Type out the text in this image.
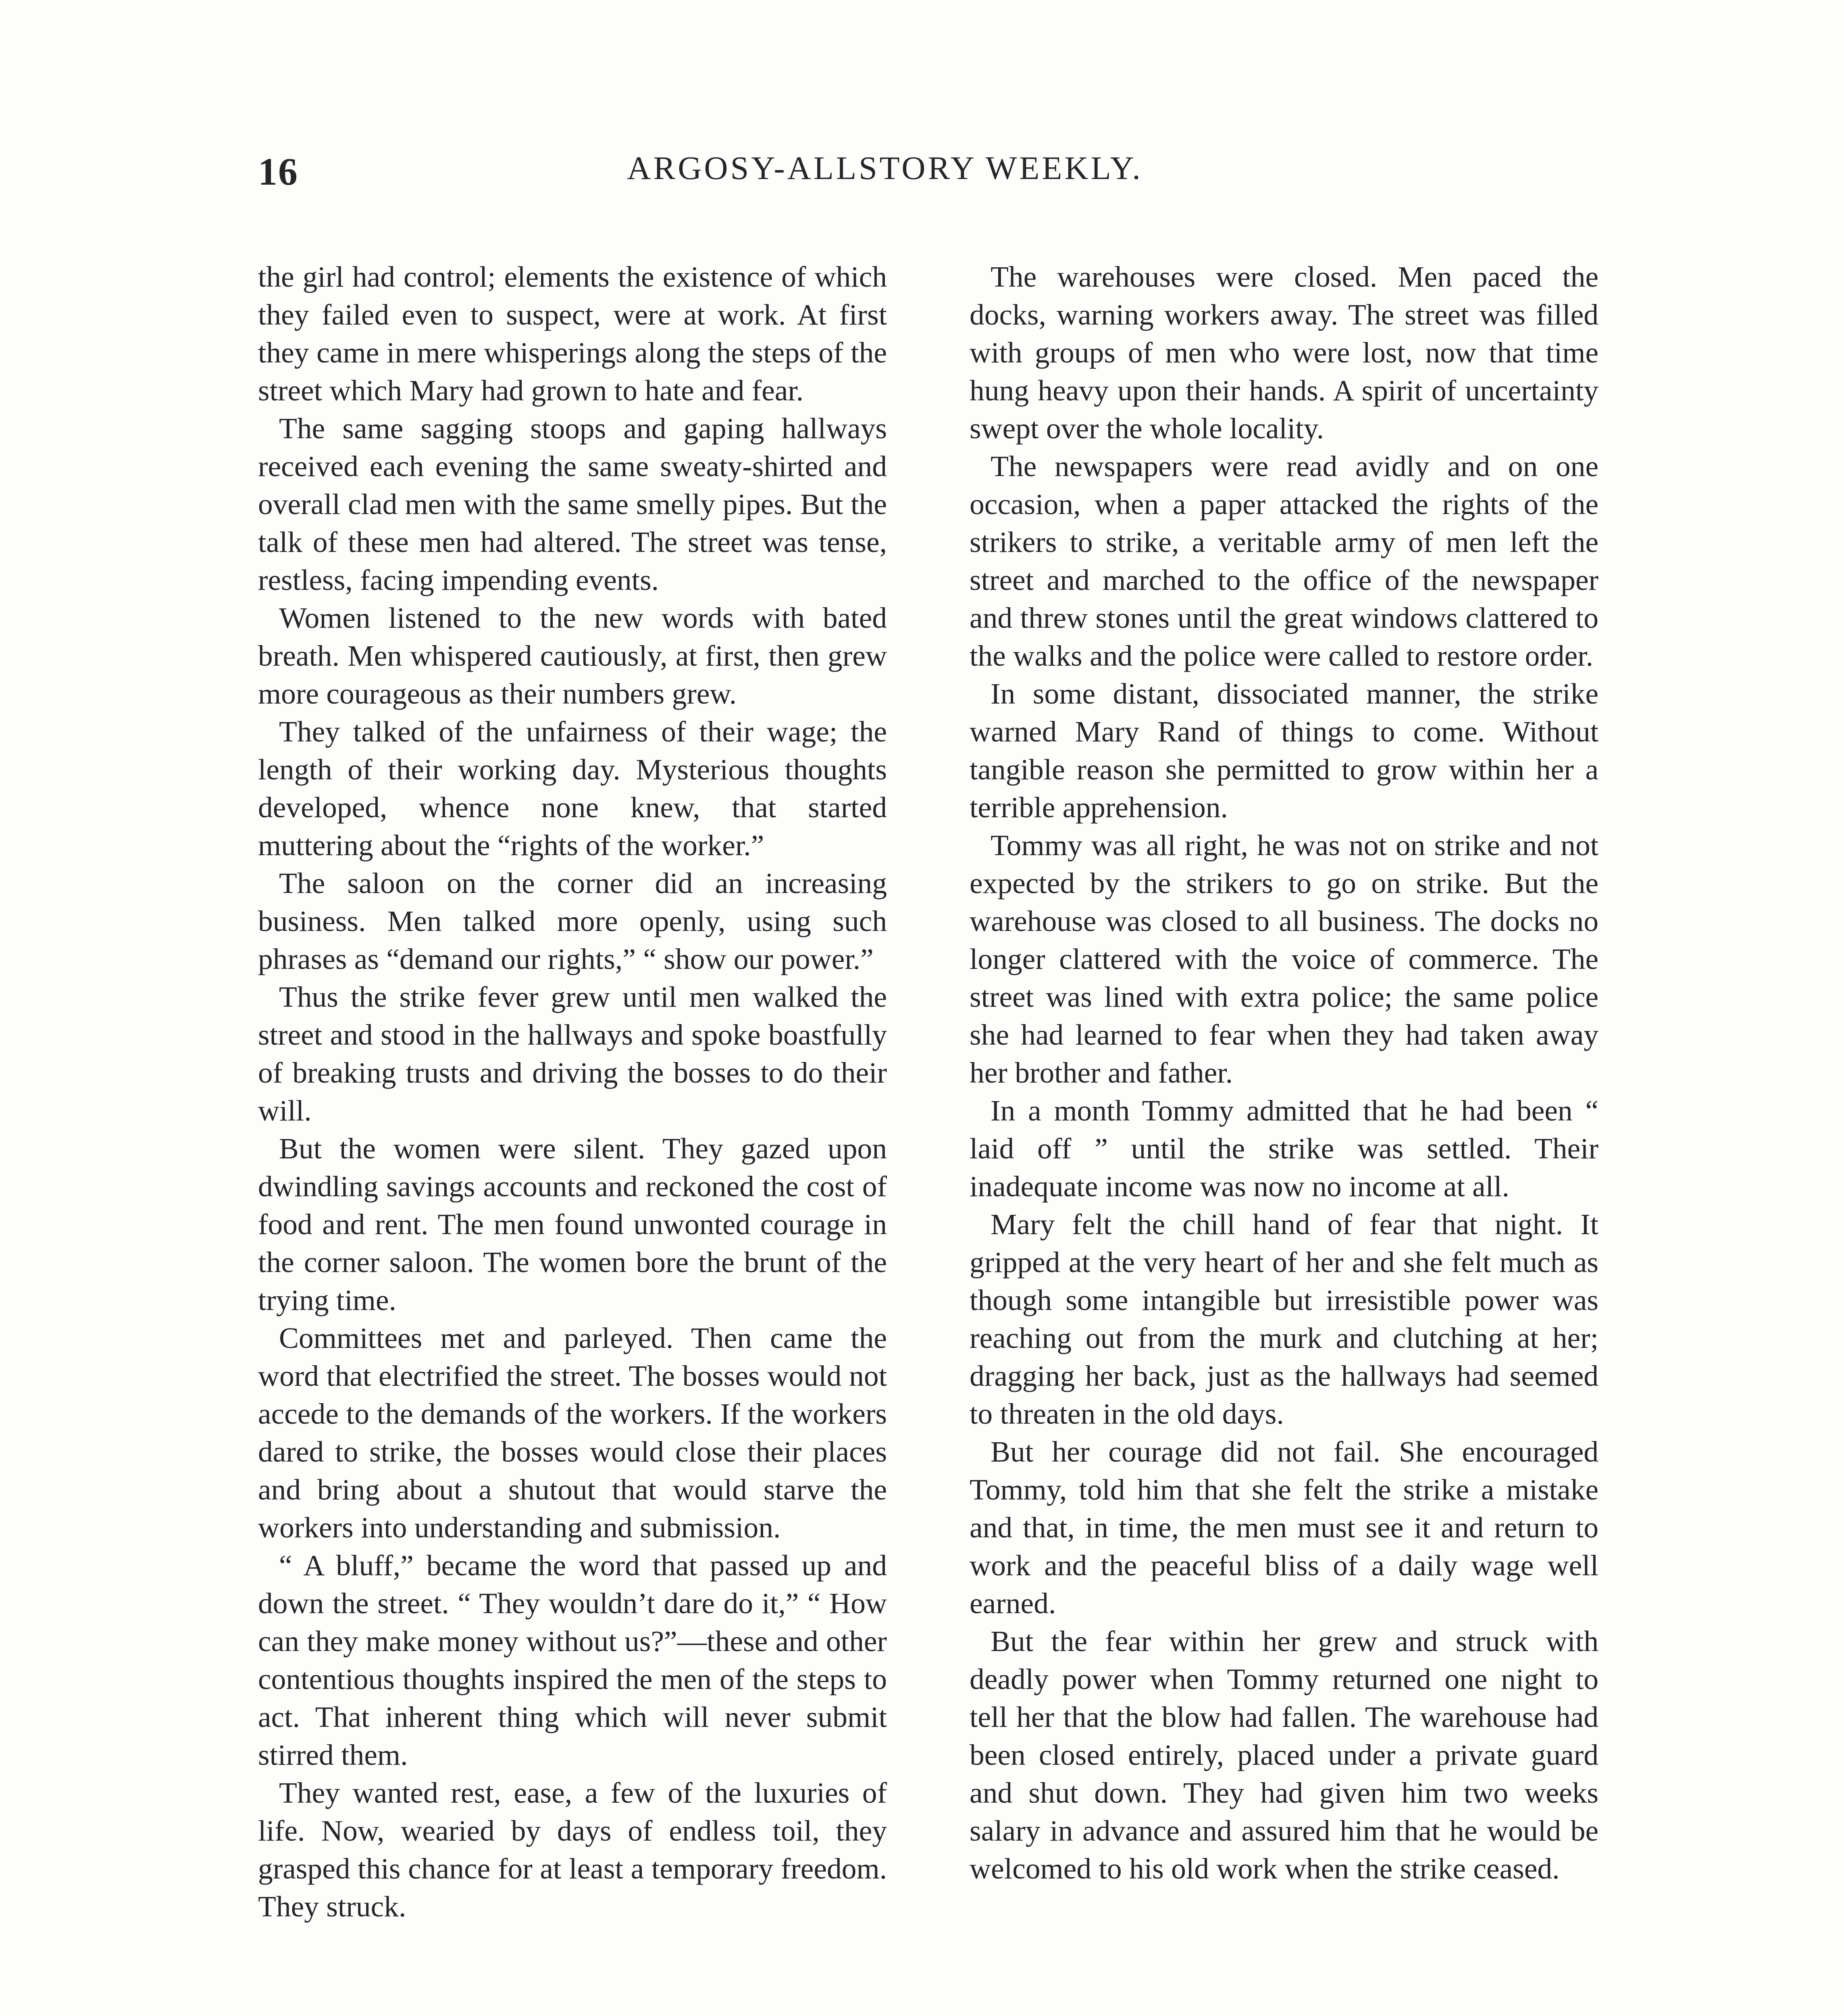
16	ARGOSY-ALLSTORY WEEKLY.

the girl had control; elements the existence of which they failed even to suspect, were at work. At first they came in mere whisperings along the steps of the street which Mary had grown to hate and fear.

The same sagging stoops and gaping hallways received each evening the same sweaty-shirted and overall clad men with the same smelly pipes. But the talk of these men had altered. The street was tense, restless, facing impending events.

Women listened to the new words with bated breath. Men whispered cautiously, at first, then grew more courageous as their numbers grew.

They talked of the unfairness of their wage; the length of their working day. Mysterious thoughts developed, whence none knew, that started muttering about the “rights of the worker.”

The saloon on the corner did an increasing business. Men talked more openly, using such phrases as “demand our rights,” “ show our power.”

Thus the strike fever grew until men walked the street and stood in the hallways and spoke boastfully of breaking trusts and driving the bosses to do their will.

But the women were silent. They gazed upon dwindling savings accounts and reckoned the cost of food and rent. The men found unwonted courage in the corner saloon. The women bore the brunt of the trying time.

Committees met and parleyed. Then came the word that electrified the street. The bosses would not accede to the demands of the workers. If the workers dared to strike, the bosses would close their places and bring about a shutout that would starve the workers into understanding and submission.

“ A bluff,” became the word that passed up and down the street. “ They wouldn’t dare do it,” “ How can they make money without us?”—these and other contentious thoughts inspired the men of the steps to act. That inherent thing which will never submit stirred them.

They wanted rest, ease, a few of the luxuries of life. Now, wearied by days of endless toil, they grasped this chance for at least a temporary freedom. They struck.

The warehouses were closed. Men paced the docks, warning workers away. The street was filled with groups of men who were lost, now that time hung heavy upon their hands. A spirit of uncertainty swept over the whole locality.

The newspapers were read avidly and on one occasion, when a paper attacked the rights of the strikers to strike, a veritable army of men left the street and marched to the office of the newspaper and threw stones until the great windows clattered to the walks and the police were called to restore order.

In some distant, dissociated manner, the strike warned Mary Rand of things to come. Without tangible reason she permitted to grow within her a terrible apprehension.

Tommy was all right, he was not on strike and not expected by the strikers to go on strike. But the warehouse was closed to all business. The docks no longer clattered with the voice of commerce. The street was lined with extra police; the same police she had learned to fear when they had taken away her brother and father.

In a month Tommy admitted that he had been “ laid off ” until the strike was settled. Their inadequate income was now no income at all.

Mary felt the chill hand of fear that night. It gripped at the very heart of her and she felt much as though some intangible but irresistible power was reaching out from the murk and clutching at her; dragging her back, just as the hallways had seemed to threaten in the old days.

But her courage did not fail. She encouraged Tommy, told him that she felt the strike a mistake and that, in time, the men must see it and return to work and the peaceful bliss of a daily wage well earned.

But the fear within her grew and struck with deadly power when Tommy returned one night to tell her that the blow had fallen. The warehouse had been closed entirely, placed under a private guard and shut down. They had given him two weeks salary in advance and assured him that he would be welcomed to his old work when the strike ceased.
